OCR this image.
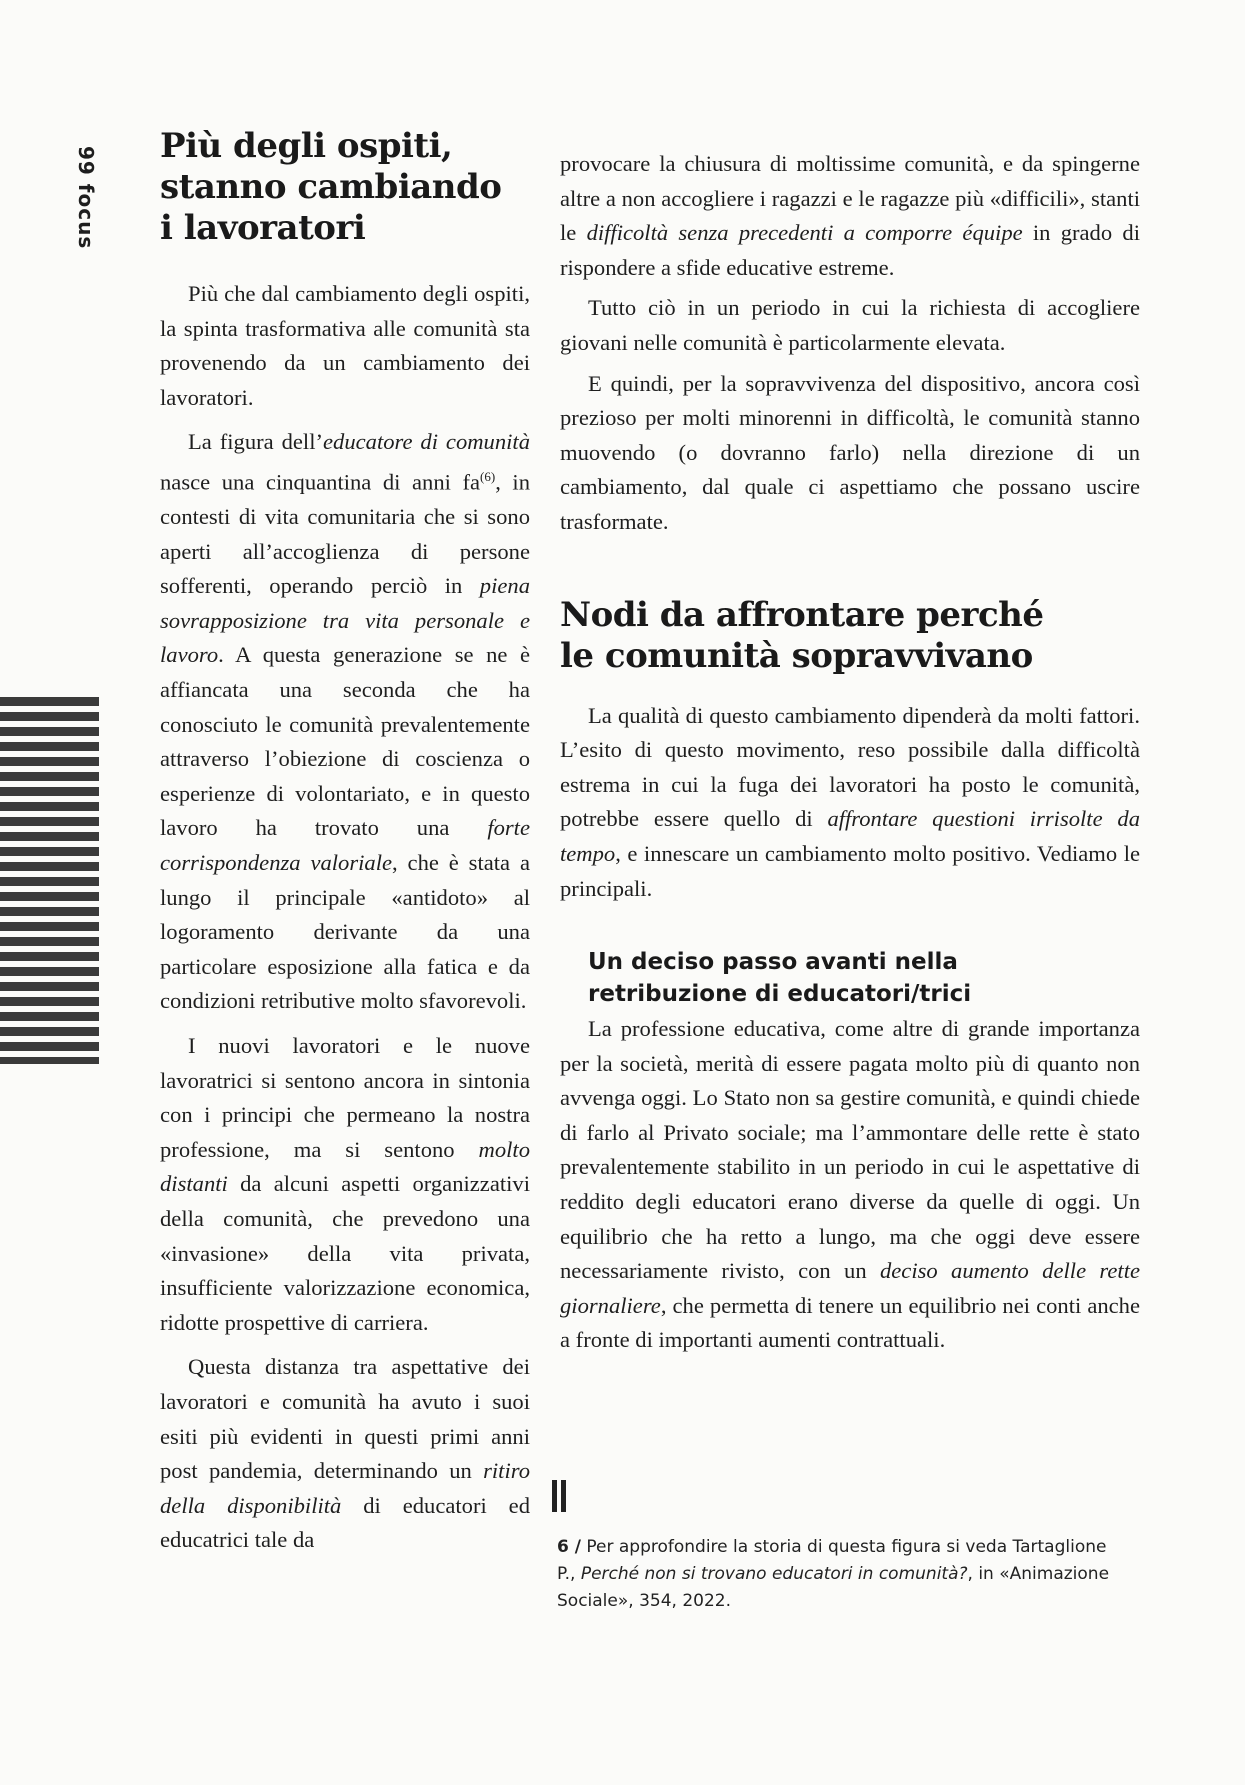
99 focus Più degli ospiti,
stanno cambiando
i lavoratori

Più che dal cambiamento degli ospiti, la spinta trasformativa alle comunità sta provenendo da un cambiamento dei lavoratori.

La figura dell’educatore di comunità nasce una cinquantina di anni $fa^{(6)}$, in contesti di vita comunitaria che si sono aperti all’accoglienza di persone sofferenti, operando perciò in piena sovrapposizione tra vita personale e lavoro. A questa generazione se ne è affiancata una seconda che ha conosciuto le comunità prevalentemente attraverso l’obiezione di coscienza o esperienze di volontariato, e in questo lavoro ha trovato una forte corrispondenza valoriale, che è stata a lungo il principale «antidoto» al logoramento derivante da una particolare esposizione alla fatica e da condizioni retributive molto sfavorevoli.

I nuovi lavoratori e le nuove lavoratrici si sentono ancora in sintonia con i principi che permeano la nostra professione, ma si sentono molto distanti da alcuni aspetti organizzativi della comunità, che prevedono una «invasione» della vita privata, insufficiente valorizzazione economica, ridotte prospettive di carriera.

Questa distanza tra aspettative dei lavoratori e comunità ha avuto i suoi esiti più evidenti in questi primi anni post pandemia, determinando un ritiro della disponibilità di educatori ed educatrici tale da

provocare la chiusura di moltissime comunità, e da spingerne altre a non accogliere i ragazzi e le ragazze più «difficili», stanti le difficoltà senza precedenti a comporre équipe in grado di rispondere a sfide educative estreme.

Tutto ciò in un periodo in cui la richiesta di accogliere giovani nelle comunità è particolarmente elevata.

E quindi, per la sopravvivenza del dispositivo, ancora così prezioso per molti minorenni in difficoltà, le comunità stanno muovendo (o dovranno farlo) nella direzione di un cambiamento, dal quale ci aspettiamo che possano uscire trasformate.

Nodi da affrontare perché
le comunità sopravvivano

La qualità di questo cambiamento dipenderà da molti fattori. L’esito di questo movimento, reso possibile dalla difficoltà estrema in cui la fuga dei lavoratori ha posto le comunità, potrebbe essere quello di affrontare questioni irrisolte da tempo, e innescare un cambiamento molto positivo. Vediamo le principali.

Un deciso passo avanti nella
retribuzione di educatori/trici

La professione educativa, come altre di grande importanza per la società, merità di essere pagata molto più di quanto non avvenga oggi. Lo Stato non sa gestire comunità, e quindi chiede di farlo al Privato sociale; ma l’ammontare delle rette è stato prevalentemente stabilito in un periodo in cui le aspettative di reddito degli educatori erano diverse da quelle di oggi. Un equilibrio che ha retto a lungo, ma che oggi deve essere necessariamente rivisto, con un deciso aumento delle rette giornaliere, che permetta di tenere un equilibrio nei conti anche a fronte di importanti aumenti contrattuali.

6 / Per approfondire la storia di questa figura si veda Tartaglione P., Perché non si trovano educatori in comunità?, in «Animazione Sociale», 354, 2022.
